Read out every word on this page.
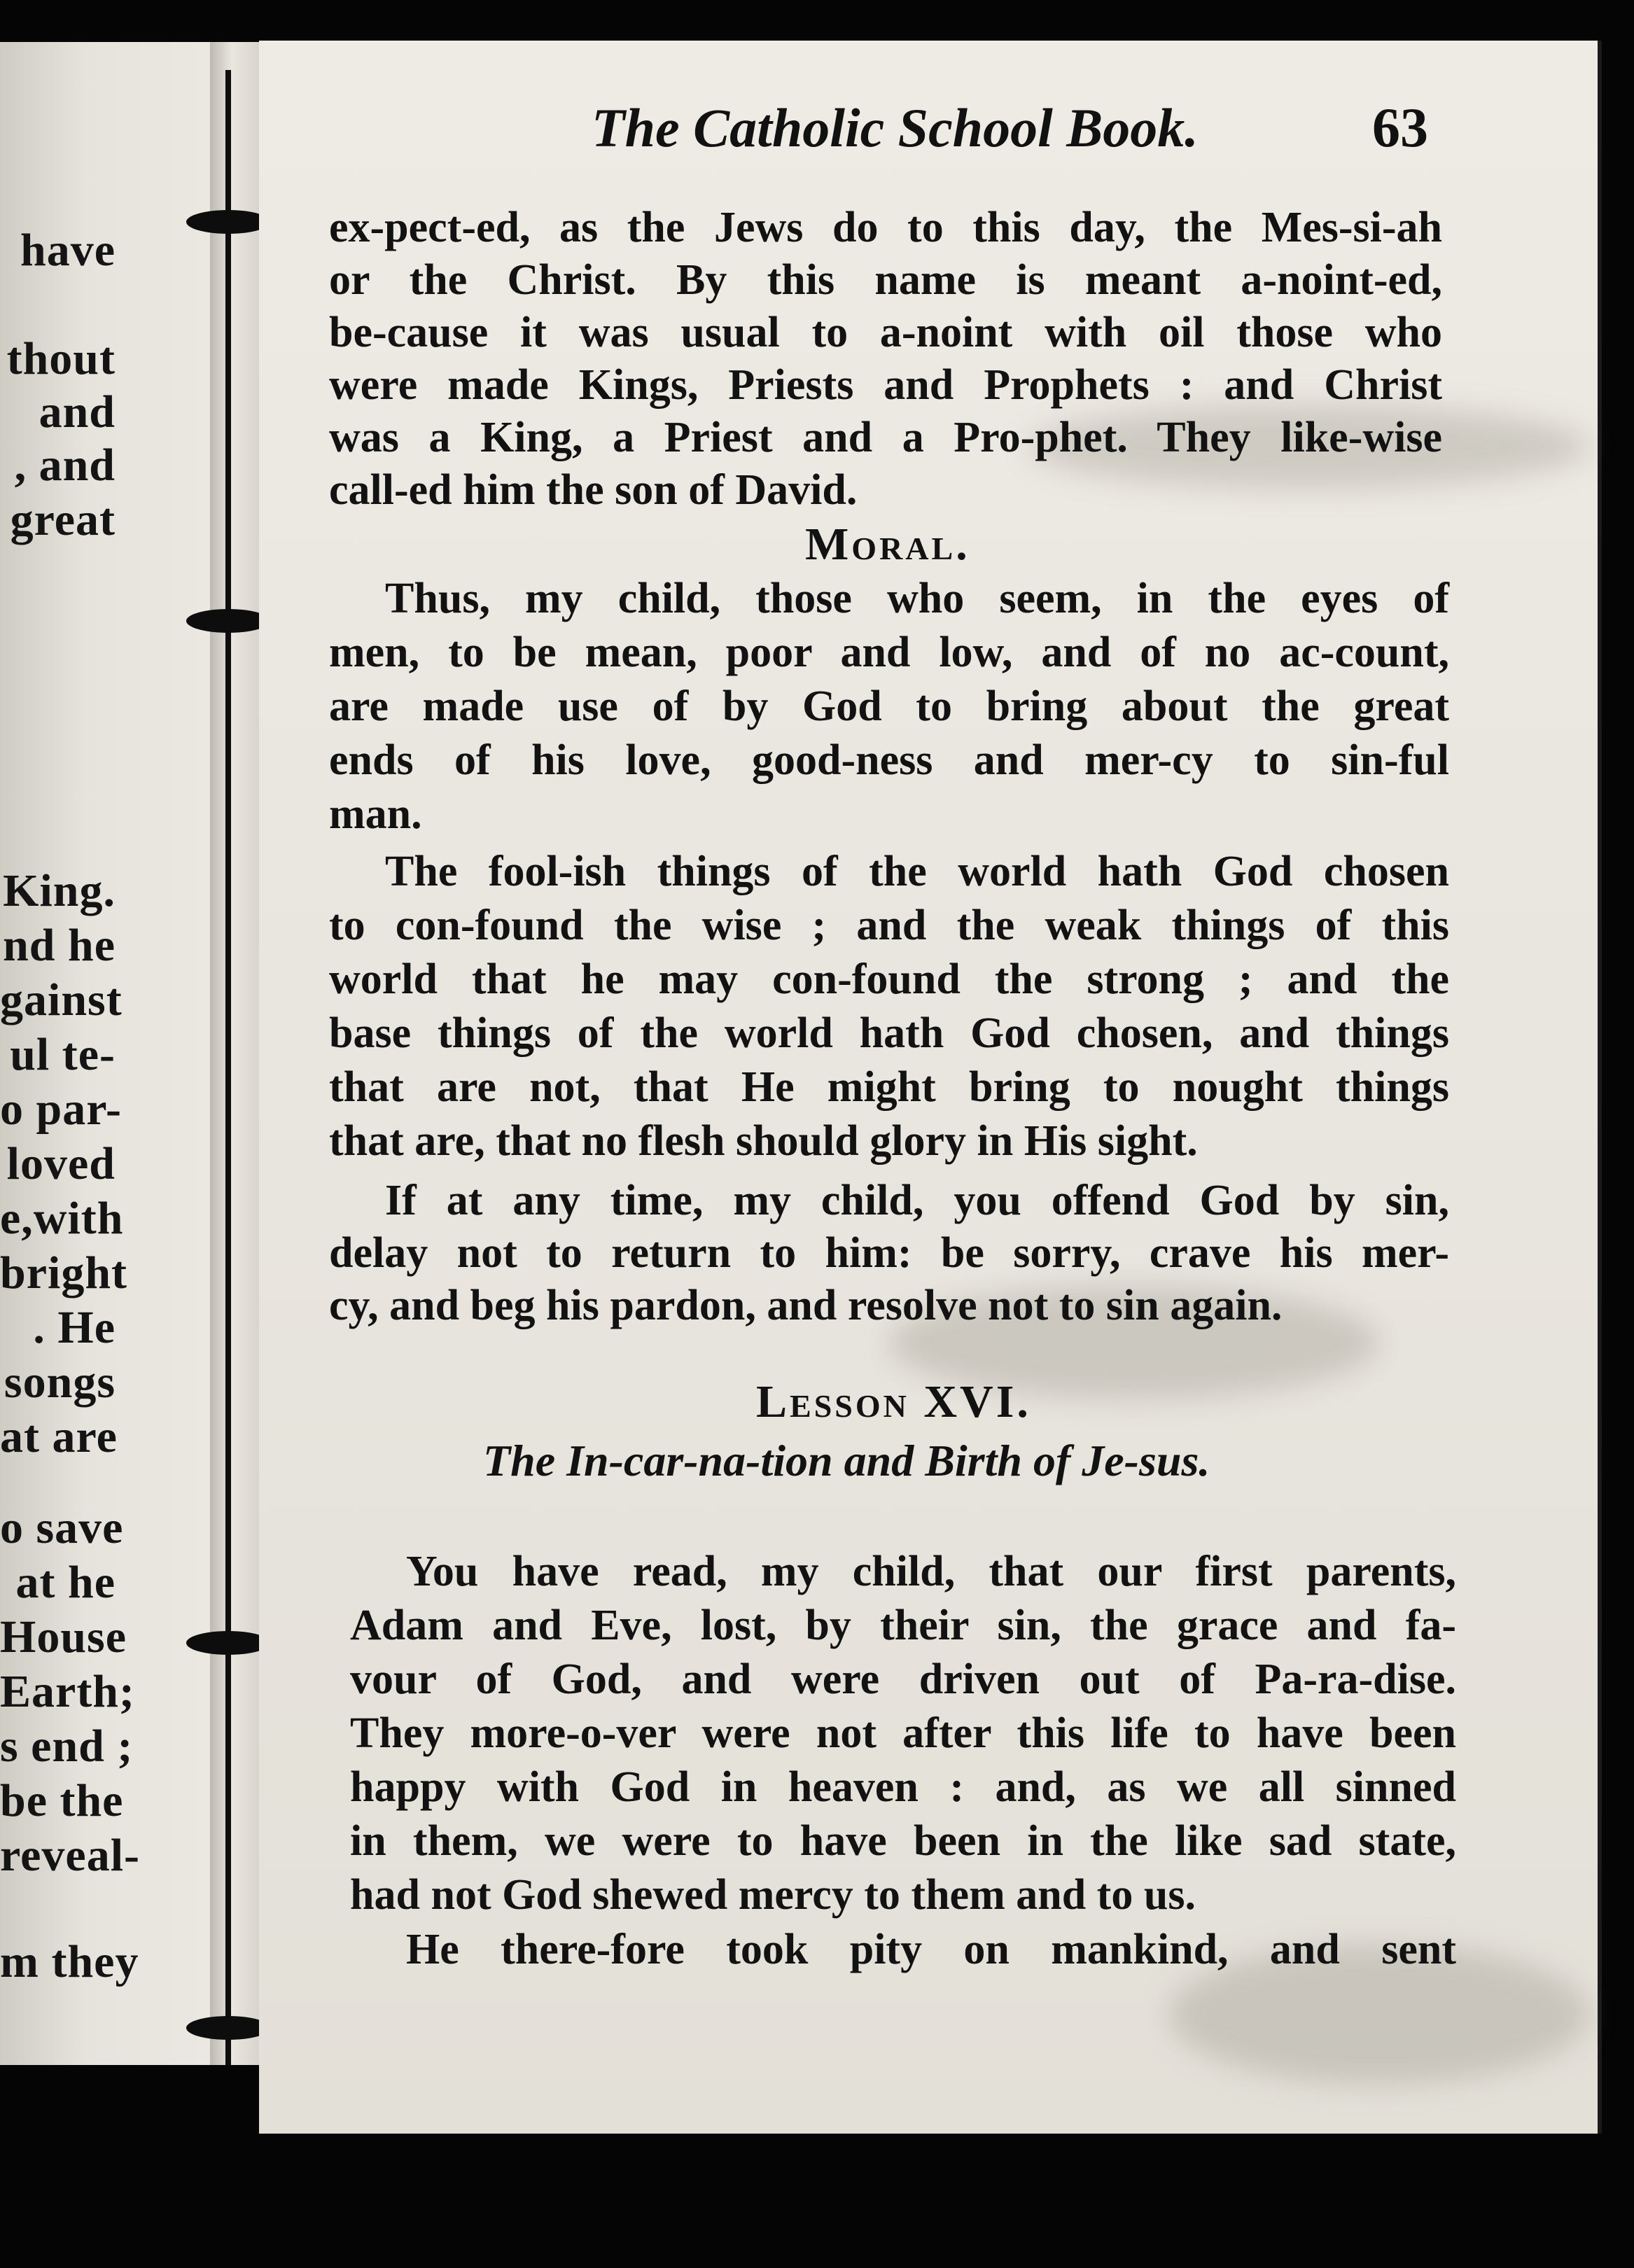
have
thout
and
, and
great
King.
nd he
gainst
ul te-
o par-
loved
e,with
bright
. He
songs
at are
o save
at he
House
Earth;
s end ;
be the
reveal-
m they
The Catholic School Book.	63
ex-pect-ed, as the Jews do to this day, the Mes-si-ah
or the Christ. By this name is meant a-noint-ed,
be-cause it was usual to a-noint with oil those who
were made Kings, Priests and Prophets : and Christ
was a King, a Priest and a Pro-phet. They like-wise
call-ed him the son of David.
Thus, my child, those who seem, in the eyes of
men, to be mean, poor and low, and of no ac-count,
are made use of by God to bring about the great
ends of his love, good-ness and mer-cy to sin-ful
man.
The fool-ish things of the world hath God chosen
to con-found the wise ; and the weak things of this
world that he may con-found the strong ; and the
base things of the world hath God chosen, and things
that are not, that He might bring to nought things
that are, that no flesh should glory in His sight.
If at any time, my child, you offend God by sin,
delay not to return to him: be sorry, crave his mer-
cy, and beg his pardon, and resolve not to sin again.
You have read, my child, that our first parents,
Adam and Eve, lost, by their sin, the grace and fa-
vour of God, and were driven out of Pa-ra-dise.
They more-o-ver were not after this life to have been
happy with God in heaven : and, as we all sinned
in them, we were to have been in the like sad state,
had not God shewed mercy to them and to us.
He there-fore took pity on mankind, and sent
Moral.
Lesson XVI.
The In-car-na-tion and Birth of Je-sus.
